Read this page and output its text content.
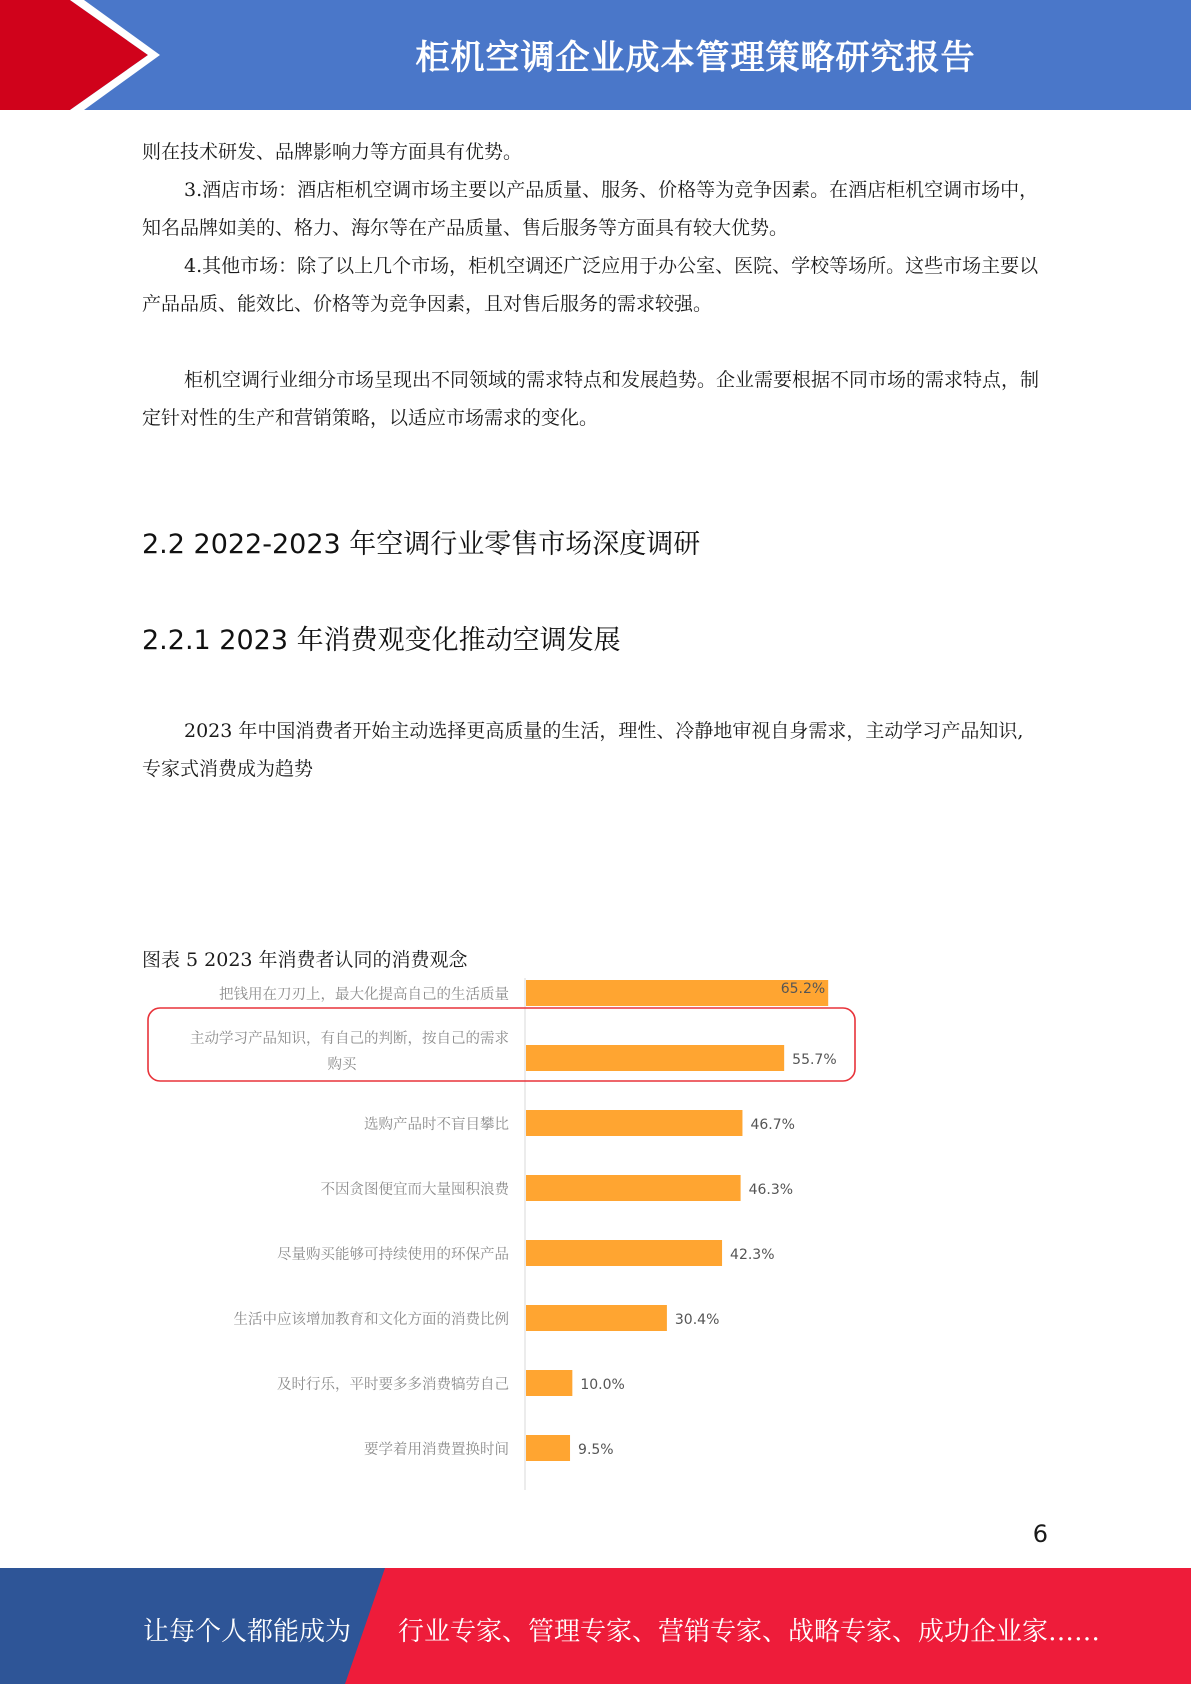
柜机空调企业成本管理策略研究报告

则在技术研发、品牌影响力等方面具有优势。

3.酒店市场：酒店柜机空调市场主要以产品质量、服务、价格等为竞争因素。在酒店柜机空调市场中，知名品牌如美的、格力、海尔等在产品质量、售后服务等方面具有较大优势。

4.其他市场：除了以上几个市场，柜机空调还广泛应用于办公室、医院、学校等场所。这些市场主要以产品品质、能效比、价格等为竞争因素，且对售后服务的需求较强。

柜机空调行业细分市场呈现出不同领域的需求特点和发展趋势。企业需要根据不同市场的需求特点，制定针对性的生产和营销策略，以适应市场需求的变化。

2.2 2022-2023 年空调行业零售市场深度调研
2.2.1 2023 年消费观变化推动空调发展

2023 年中国消费者开始主动选择更高质量的生活，理性、冷静地审视自身需求，主动学习产品知识,专家式消费成为趋势

图表 5 2023 年消费者认同的消费观念
65.2%
把钱用在刀刃上，最大化提高自己的生活质量
55.7%
主动学习产品知识，有自己的判断，按自己的需求
购买
46.7%
选购产品时不盲目攀比
46.3%
不因贪图便宜而大量囤积浪费
42.3%
尽量购买能够可持续使用的环保产品
30.4%
生活中应该增加教育和文化方面的消费比例
10.0%
及时行乐，平时要多多消费犒劳自己
9.5%
要学着用消费置换时间
6
让每个人都能成为 行业专家、管理专家、营销专家、战略专家、成功企业家……
